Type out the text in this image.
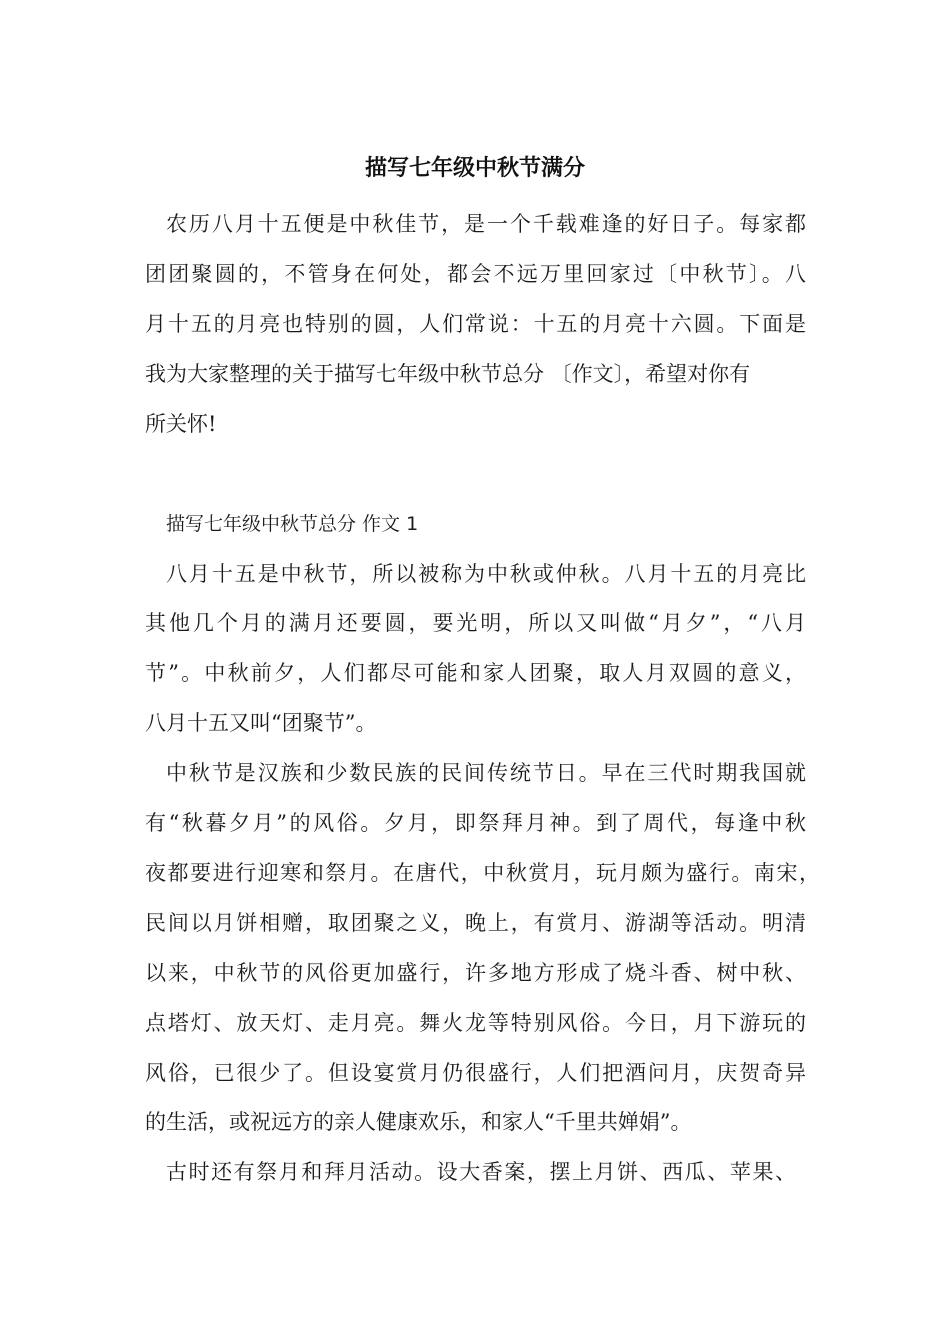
描写七年级中秋节满分

农历八月十五便是中秋佳节，是一个千载难逢的好日子。每家都

团团聚圆的，不管身在何处，都会不远万里回家过〔中秋节〕。八

月十五的月亮也特别的圆，人们常说：十五的月亮十六圆。下面是

我为大家整理的关于描写七年级中秋节总分 〔作文〕，希望对你有

所关怀!

描写七年级中秋节总分 作文 1

八月十五是中秋节，所以被称为中秋或仲秋。八月十五的月亮比

其他几个月的满月还要圆，要光明，所以又叫做“月夕”，“八月

节”。中秋前夕，人们都尽可能和家人团聚，取人月双圆的意义，

八月十五又叫“团聚节”。

中秋节是汉族和少数民族的民间传统节日。早在三代时期我国就

有“秋暮夕月”的风俗。夕月，即祭拜月神。到了周代，每逢中秋

夜都要进行迎寒和祭月。在唐代，中秋赏月，玩月颇为盛行。南宋，

民间以月饼相赠，取团聚之义，晚上，有赏月、游湖等活动。明清

以来，中秋节的风俗更加盛行，许多地方形成了烧斗香、树中秋、

点塔灯、放天灯、走月亮。舞火龙等特别风俗。今日，月下游玩的

风俗，已很少了。但设宴赏月仍很盛行，人们把酒问月，庆贺奇异

的生活，或祝远方的亲人健康欢乐，和家人“千里共婵娟”。

古时还有祭月和拜月活动。设大香案，摆上月饼、西瓜、苹果、
